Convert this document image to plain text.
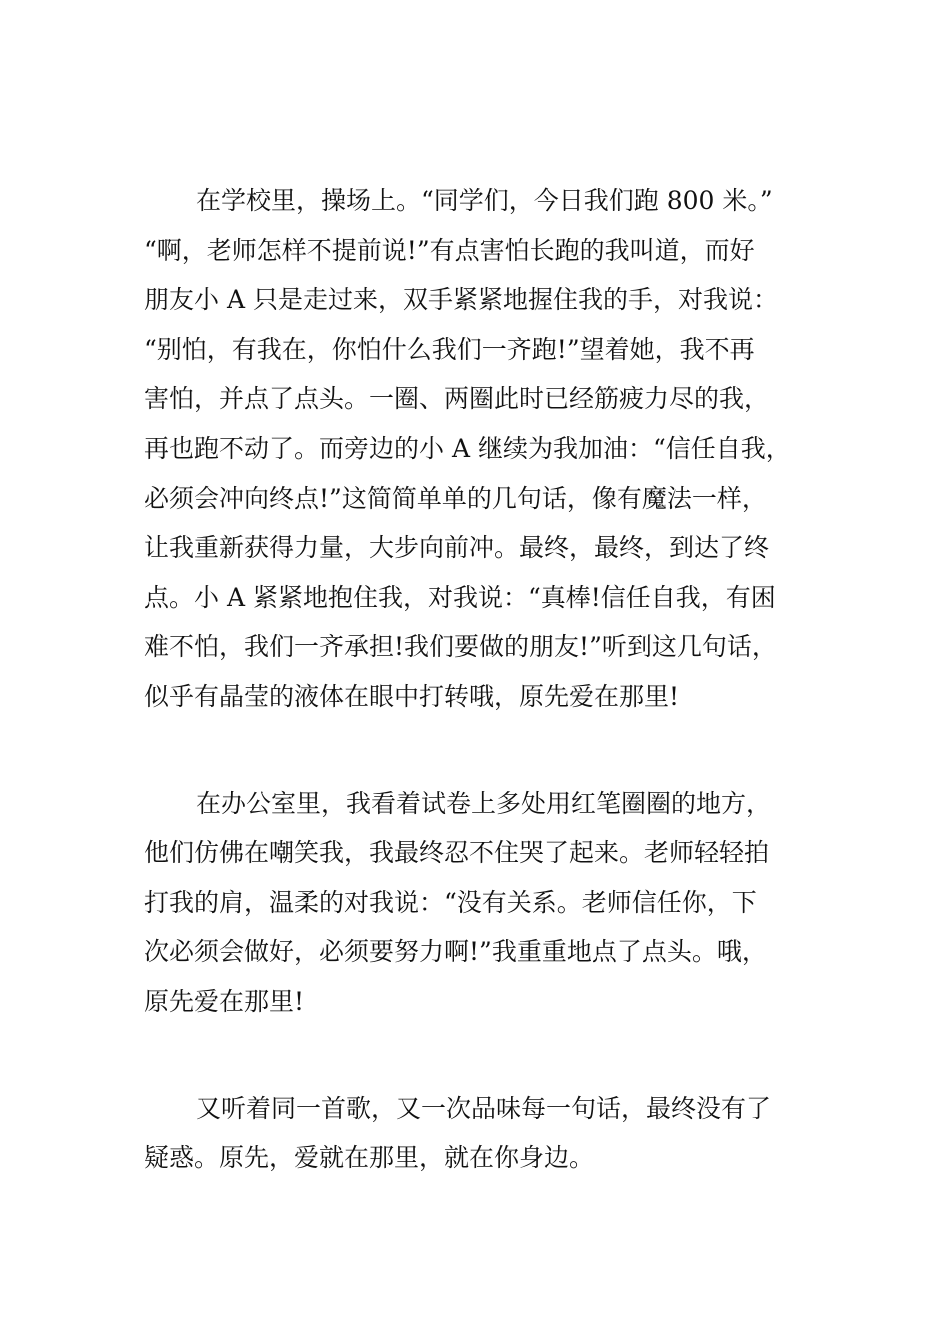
在学校里，操场上。“同学们，今日我们跑 800 米。”
“啊，老师怎样不提前说!”有点害怕长跑的我叫道，而好
朋友小 A 只是走过来，双手紧紧地握住我的手，对我说：
“别怕，有我在，你怕什么我们一齐跑!”望着她，我不再
害怕，并点了点头。一圈、两圈此时已经筋疲力尽的我，
再也跑不动了。而旁边的小 A 继续为我加油：“信任自我，
必须会冲向终点!”这简简单单的几句话，像有魔法一样，
让我重新获得力量，大步向前冲。最终，最终，到达了终
点。小 A 紧紧地抱住我，对我说：“真棒!信任自我，有困
难不怕，我们一齐承担!我们要做的朋友!”听到这几句话，
似乎有晶莹的液体在眼中打转哦，原先爱在那里!
在办公室里，我看着试卷上多处用红笔圈圈的地方，
他们仿佛在嘲笑我，我最终忍不住哭了起来。老师轻轻拍
打我的肩，温柔的对我说：“没有关系。老师信任你，下
次必须会做好，必须要努力啊!”我重重地点了点头。哦，
原先爱在那里!
又听着同一首歌，又一次品味每一句话，最终没有了
疑惑。原先，爱就在那里，就在你身边。
